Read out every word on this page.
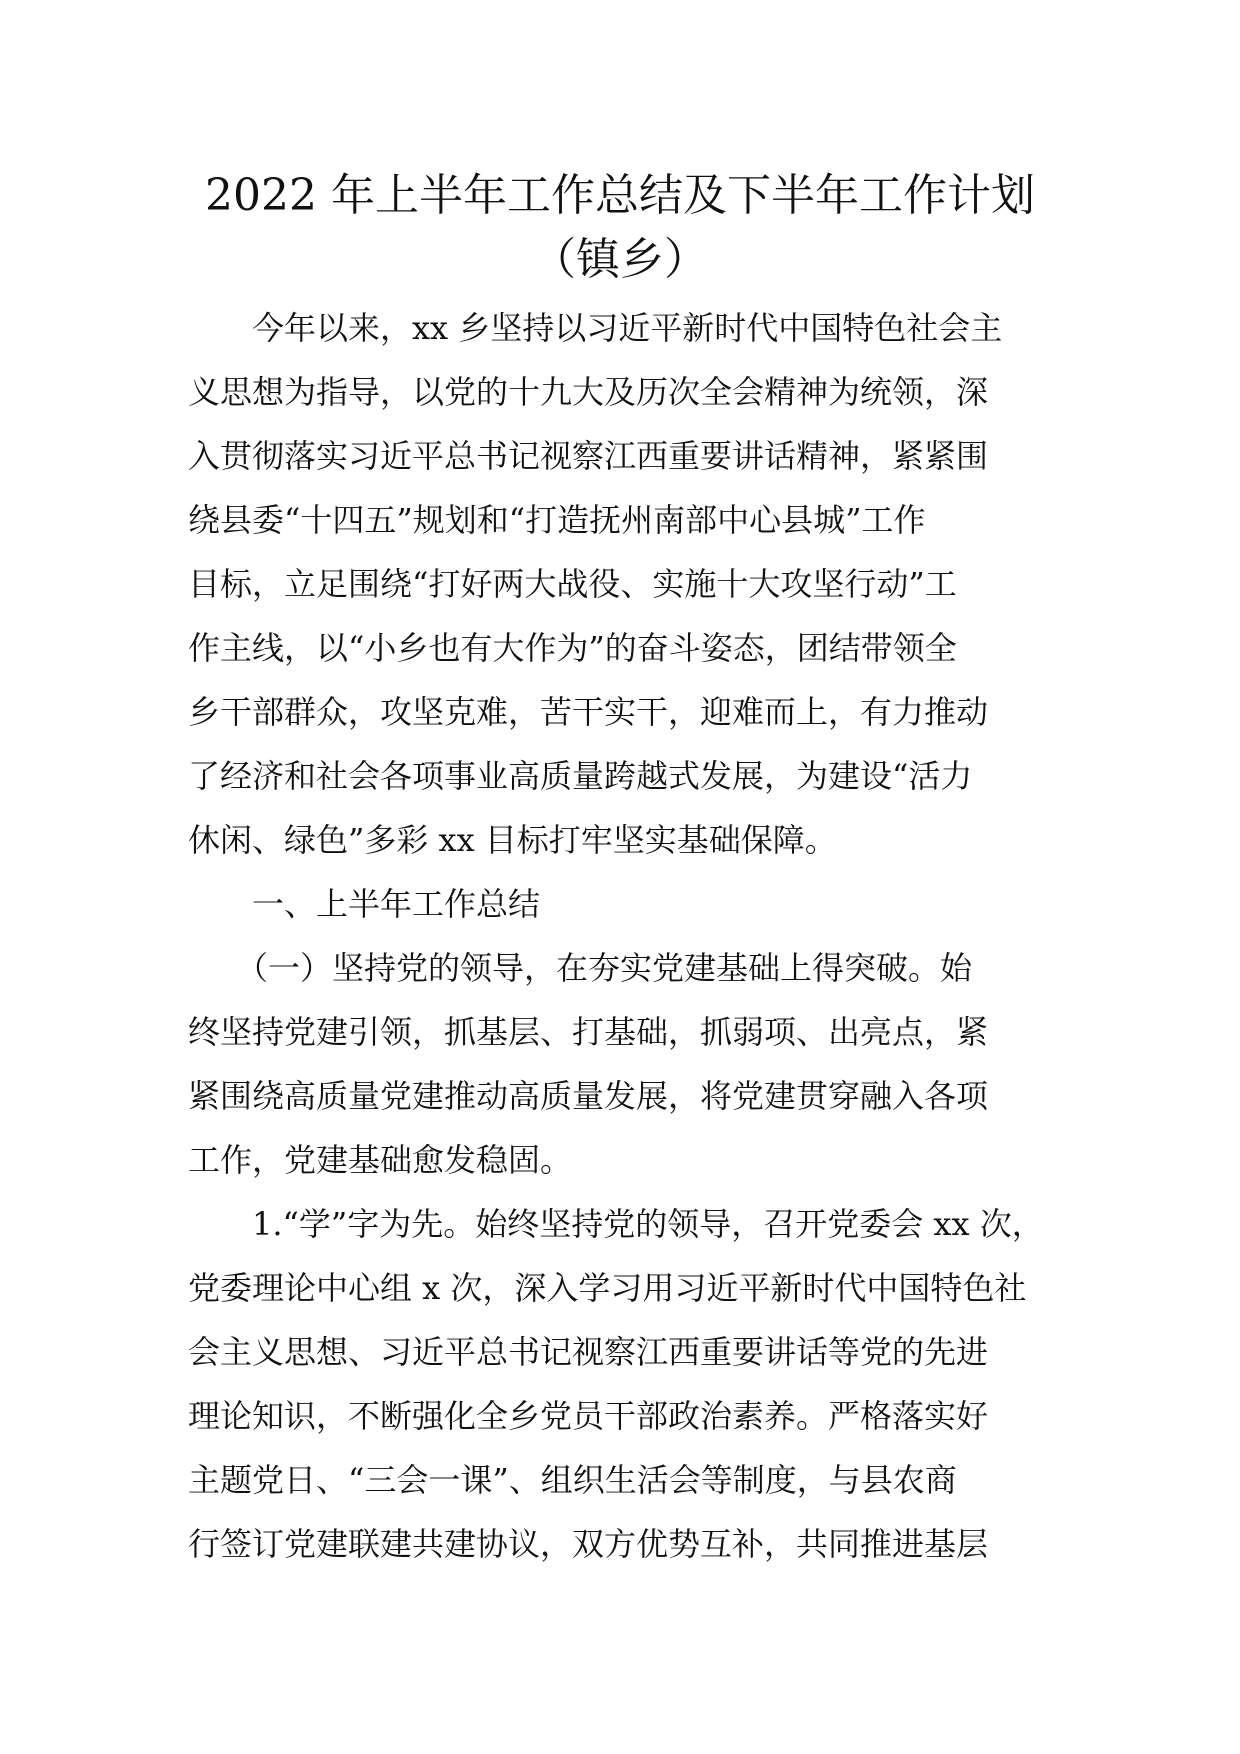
2022 年上半年工作总结及下半年工作计划
（镇乡）
　　今年以来，xx 乡坚持以习近平新时代中国特色社会主
义思想为指导，以党的十九大及历次全会精神为统领，深
入贯彻落实习近平总书记视察江西重要讲话精神，紧紧围
绕县委“十四五”规划和“打造抚州南部中心县城”工作
目标，立足围绕“打好两大战役、实施十大攻坚行动”工
作主线，以“小乡也有大作为”的奋斗姿态，团结带领全
乡干部群众，攻坚克难，苦干实干，迎难而上，有力推动
了经济和社会各项事业高质量跨越式发展，为建设“活力
休闲、绿色”多彩 xx 目标打牢坚实基础保障。
　　一、上半年工作总结
　　（一）坚持党的领导，在夯实党建基础上得突破。始
终坚持党建引领，抓基层、打基础，抓弱项、出亮点，紧
紧围绕高质量党建推动高质量发展，将党建贯穿融入各项
工作，党建基础愈发稳固。
　　1.“学”字为先。始终坚持党的领导，召开党委会 xx 次，
党委理论中心组 x 次，深入学习用习近平新时代中国特色社
会主义思想、习近平总书记视察江西重要讲话等党的先进
理论知识，不断强化全乡党员干部政治素养。严格落实好
主题党日、“三会一课”、组织生活会等制度，与县农商
行签订党建联建共建协议，双方优势互补，共同推进基层
